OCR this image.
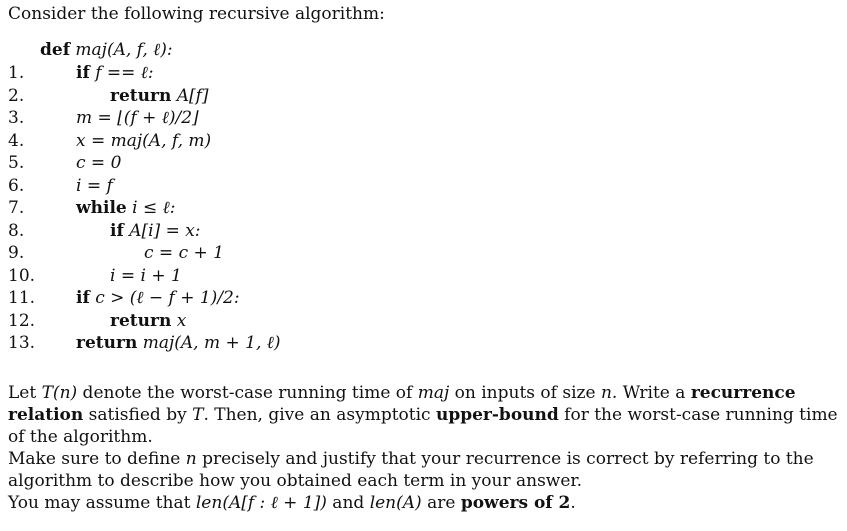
Consider the following recursive algorithm:
def maj(A, f, ℓ):
1.	if f == ℓ:
2.	return A[f]
3.	m = ⌊(f + ℓ)/2⌋
4.	x = maj(A, f, m)
5.	c = 0
6.	i = f
7.	while i ≤ ℓ:
8.	if A[i] = x:
9.	c = c + 1
10.	i = i + 1
11. if c > (ℓ − f + 1)/2:
12.	return x
13. return maj(A, m + 1, ℓ)

Let T(n) denote the worst-case running time of maj on inputs of size n. Write a recurrence relation satisfied by T. Then, give an asymptotic upper-bound for the worst-case running time of the algorithm.

Make sure to define n precisely and justify that your recurrence is correct by referring to the algorithm to describe how you obtained each term in your answer.

You may assume that len(A[f : ℓ + 1]) and len(A) are powers of 2.
